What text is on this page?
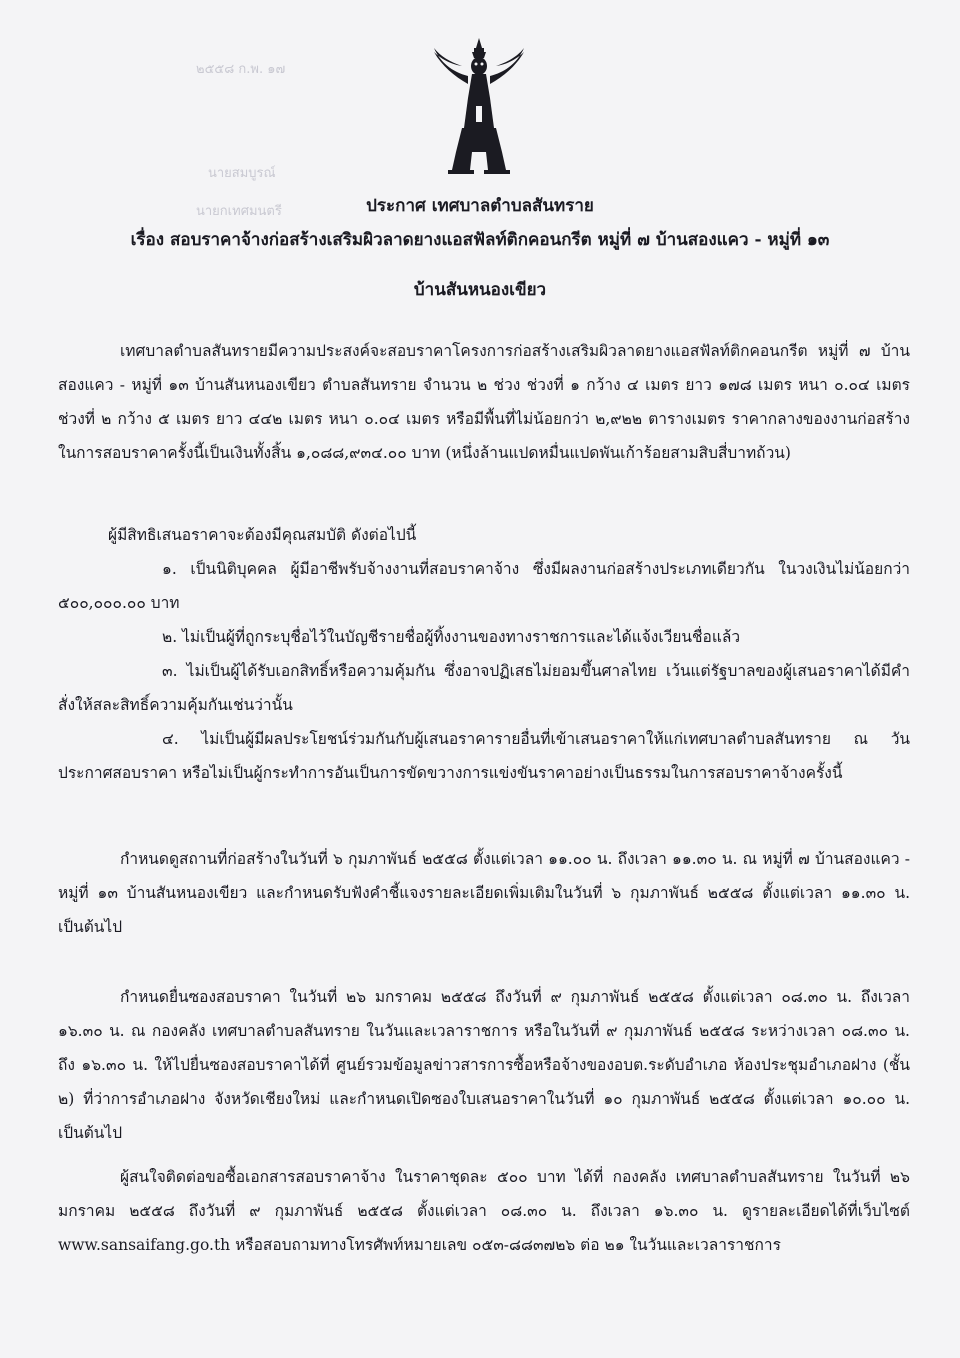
๒๕๕๘ ก.พ. ๑๗
นายสมบูรณ์
นายกเทศมนตรี	ประกาศ เทศบาลตำบลสันทราย
เรื่อง สอบราคาจ้างก่อสร้างเสริมผิวลาดยางแอสฟัลท์ติกคอนกรีต หมู่ที่ ๗ บ้านสองแคว - หมู่ที่ ๑๓
บ้านสันหนองเขียว

เทศบาลตำบลสันทรายมีความประสงค์จะสอบราคาโครงการก่อสร้างเสริมผิวลาดยางแอสฟัลท์ติกคอนกรีต หมู่ที่ ๗ บ้านสองแคว - หมู่ที่ ๑๓ บ้านสันหนองเขียว ตำบลสันทราย จำนวน ๒ ช่วง ช่วงที่ ๑ กว้าง ๔ เมตร ยาว ๑๗๘ เมตร หนา ๐.๐๔ เมตร ช่วงที่ ๒ กว้าง ๕ เมตร ยาว ๔๔๒ เมตร หนา ๐.๐๔ เมตร หรือมีพื้นที่ไม่น้อยกว่า ๒,๙๒๒ ตารางเมตร ราคากลางของงานก่อสร้างในการสอบราคาครั้งนี้เป็นเงินทั้งสิ้น ๑,๐๘๘,๙๓๔.๐๐ บาท (หนึ่งล้านแปดหมื่นแปดพันเก้าร้อยสามสิบสี่บาทถ้วน)

ผู้มีสิทธิเสนอราคาจะต้องมีคุณสมบัติ ดังต่อไปนี้

๑. เป็นนิติบุคคล ผู้มีอาชีพรับจ้างงานที่สอบราคาจ้าง ซึ่งมีผลงานก่อสร้างประเภทเดียวกัน ในวงเงินไม่น้อยกว่า ๕๐๐,๐๐๐.๐๐ บาท

๒. ไม่เป็นผู้ที่ถูกระบุชื่อไว้ในบัญชีรายชื่อผู้ทิ้งงานของทางราชการและได้แจ้งเวียนชื่อแล้ว

๓. ไม่เป็นผู้ได้รับเอกสิทธิ์หรือความคุ้มกัน ซึ่งอาจปฏิเสธไม่ยอมขึ้นศาลไทย เว้นแต่รัฐบาลของผู้เสนอราคาได้มีคำสั่งให้สละสิทธิ์ความคุ้มกันเช่นว่านั้น

๔. ไม่เป็นผู้มีผลประโยชน์ร่วมกันกับผู้เสนอราคารายอื่นที่เข้าเสนอราคาให้แก่เทศบาลตำบลสันทราย ณ วันประกาศสอบราคา หรือไม่เป็นผู้กระทำการอันเป็นการขัดขวางการแข่งขันราคาอย่างเป็นธรรมในการสอบราคาจ้างครั้งนี้

กำหนดดูสถานที่ก่อสร้างในวันที่ ๖ กุมภาพันธ์ ๒๕๕๘ ตั้งแต่เวลา ๑๑.๐๐ น. ถึงเวลา ๑๑.๓๐ น. ณ หมู่ที่ ๗ บ้านสองแคว - หมู่ที่ ๑๓ บ้านสันหนองเขียว และกำหนดรับฟังคำชี้แจงรายละเอียดเพิ่มเติมในวันที่ ๖ กุมภาพันธ์ ๒๕๕๘ ตั้งแต่เวลา ๑๑.๓๐ น. เป็นต้นไป

กำหนดยื่นซองสอบราคา ในวันที่ ๒๖ มกราคม ๒๕๕๘ ถึงวันที่ ๙ กุมภาพันธ์ ๒๕๕๘ ตั้งแต่เวลา ๐๘.๓๐ น. ถึงเวลา ๑๖.๓๐ น. ณ กองคลัง เทศบาลตำบลสันทราย ในวันและเวลาราชการ หรือในวันที่ ๙ กุมภาพันธ์ ๒๕๕๘ ระหว่างเวลา ๐๘.๓๐ น. ถึง ๑๖.๓๐ น. ให้ไปยื่นซองสอบราคาได้ที่ ศูนย์รวมข้อมูลข่าวสารการซื้อหรือจ้างของอบต.ระดับอำเภอ ห้องประชุมอำเภอฝาง (ชั้น ๒) ที่ว่าการอำเภอฝาง จังหวัดเชียงใหม่ และกำหนดเปิดซองใบเสนอราคาในวันที่ ๑๐ กุมภาพันธ์ ๒๕๕๘ ตั้งแต่เวลา ๑๐.๐๐ น. เป็นต้นไป

ผู้สนใจติดต่อขอซื้อเอกสารสอบราคาจ้าง ในราคาชุดละ ๕๐๐ บาท ได้ที่ กองคลัง เทศบาลตำบลสันทราย ในวันที่ ๒๖ มกราคม ๒๕๕๘ ถึงวันที่ ๙ กุมภาพันธ์ ๒๕๕๘ ตั้งแต่เวลา ๐๘.๓๐ น. ถึงเวลา ๑๖.๓๐ น. ดูรายละเอียดได้ที่เว็บไซต์ www.sansaifang.go.th หรือสอบถามทางโทรศัพท์หมายเลข ๐๕๓-๘๘๓๗๒๖ ต่อ ๒๑ ในวันและเวลาราชการ
